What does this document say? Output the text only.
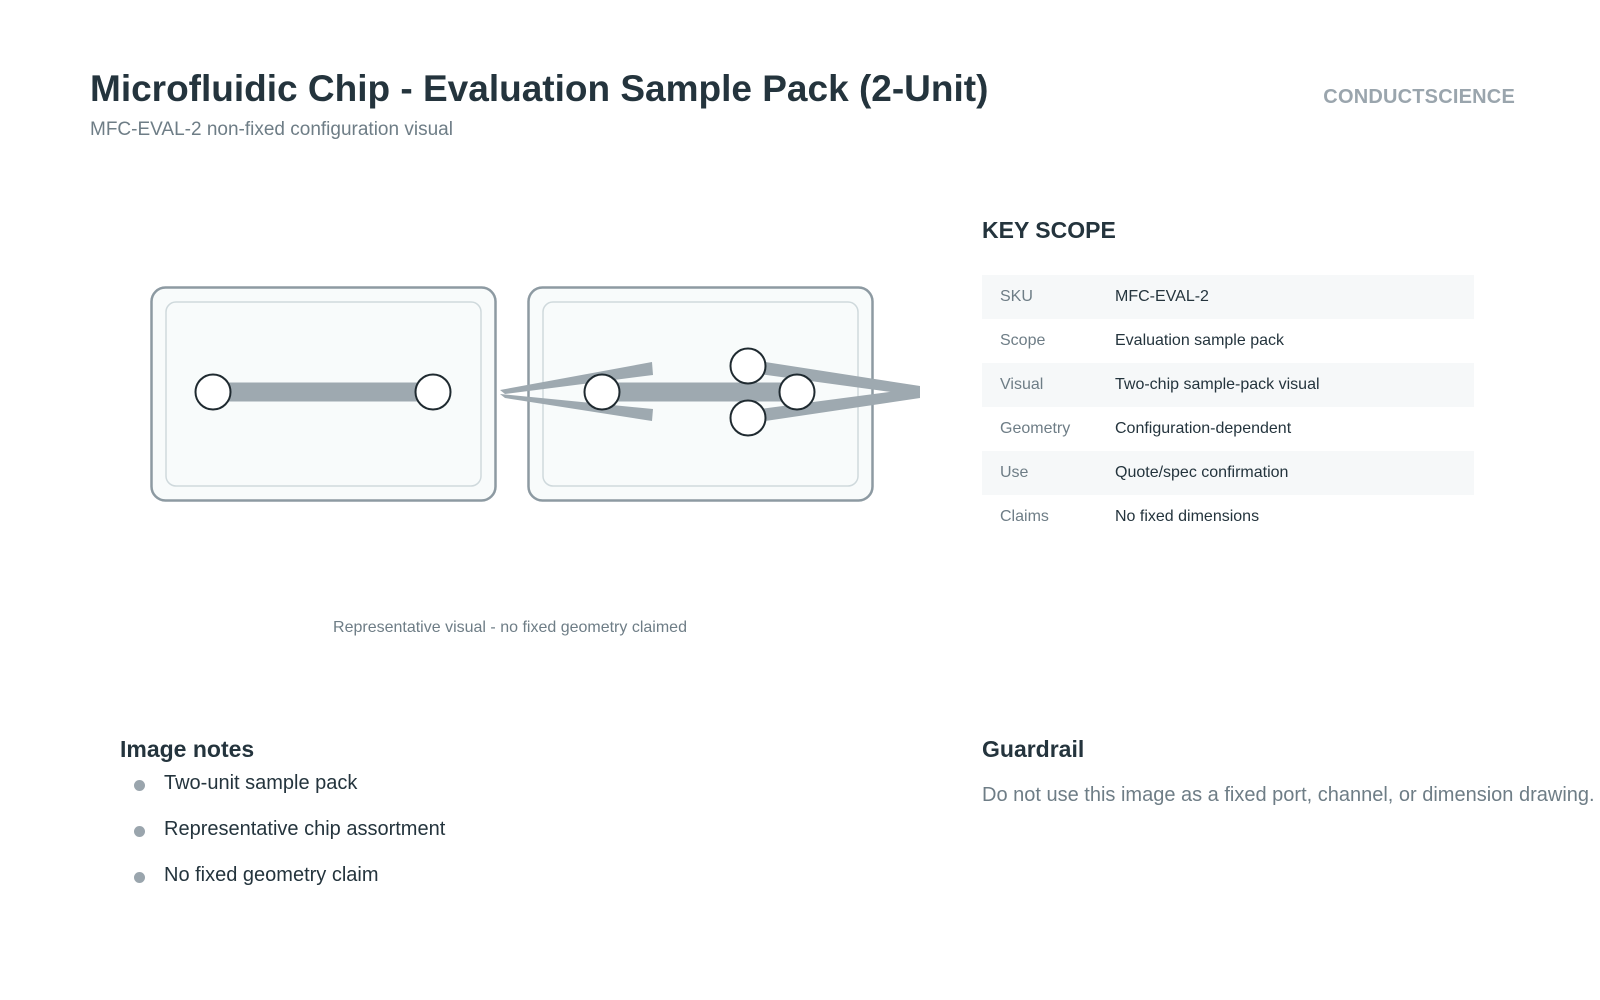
Microfluidic Chip - Evaluation Sample Pack (2-Unit)
MFC-EVAL-2 non-fixed configuration visual
CONDUCTSCIENCE
Representative visual - no fixed geometry claimed
KEY SCOPE
SKU	MFC-EVAL-2
Scope	Evaluation sample pack
Visual	Two-chip sample-pack visual
Geometry	Configuration-dependent
Use	Quote/spec confirmation
Claims	No fixed dimensions
Image notes
Two-unit sample pack
Representative chip assortment
No fixed geometry claim
Guardrail
Do not use this image as a fixed port, channel, or dimension drawing.
